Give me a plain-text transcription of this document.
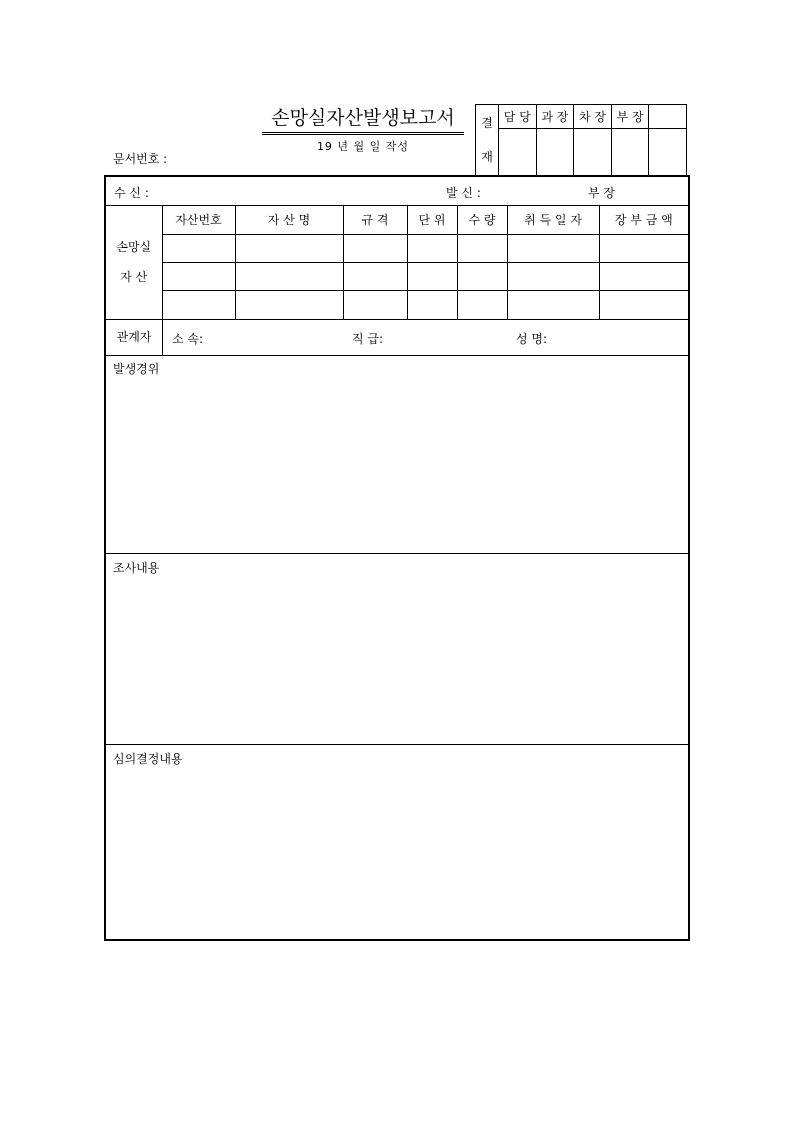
손망실자산발생보고서
19 년 월 일 작성
문서번호 :
결
재	담 당	과 장	차 장	부 장	

수 신 :	발 신 :	부 장
손망실
자 산	자산번호	자 산 명	규 격	단 위	수 량	취 득 일 자	장 부 금 액

관계자	소 속:	직 급:	성 명:
발생경위
조사내용
심의결정내용
